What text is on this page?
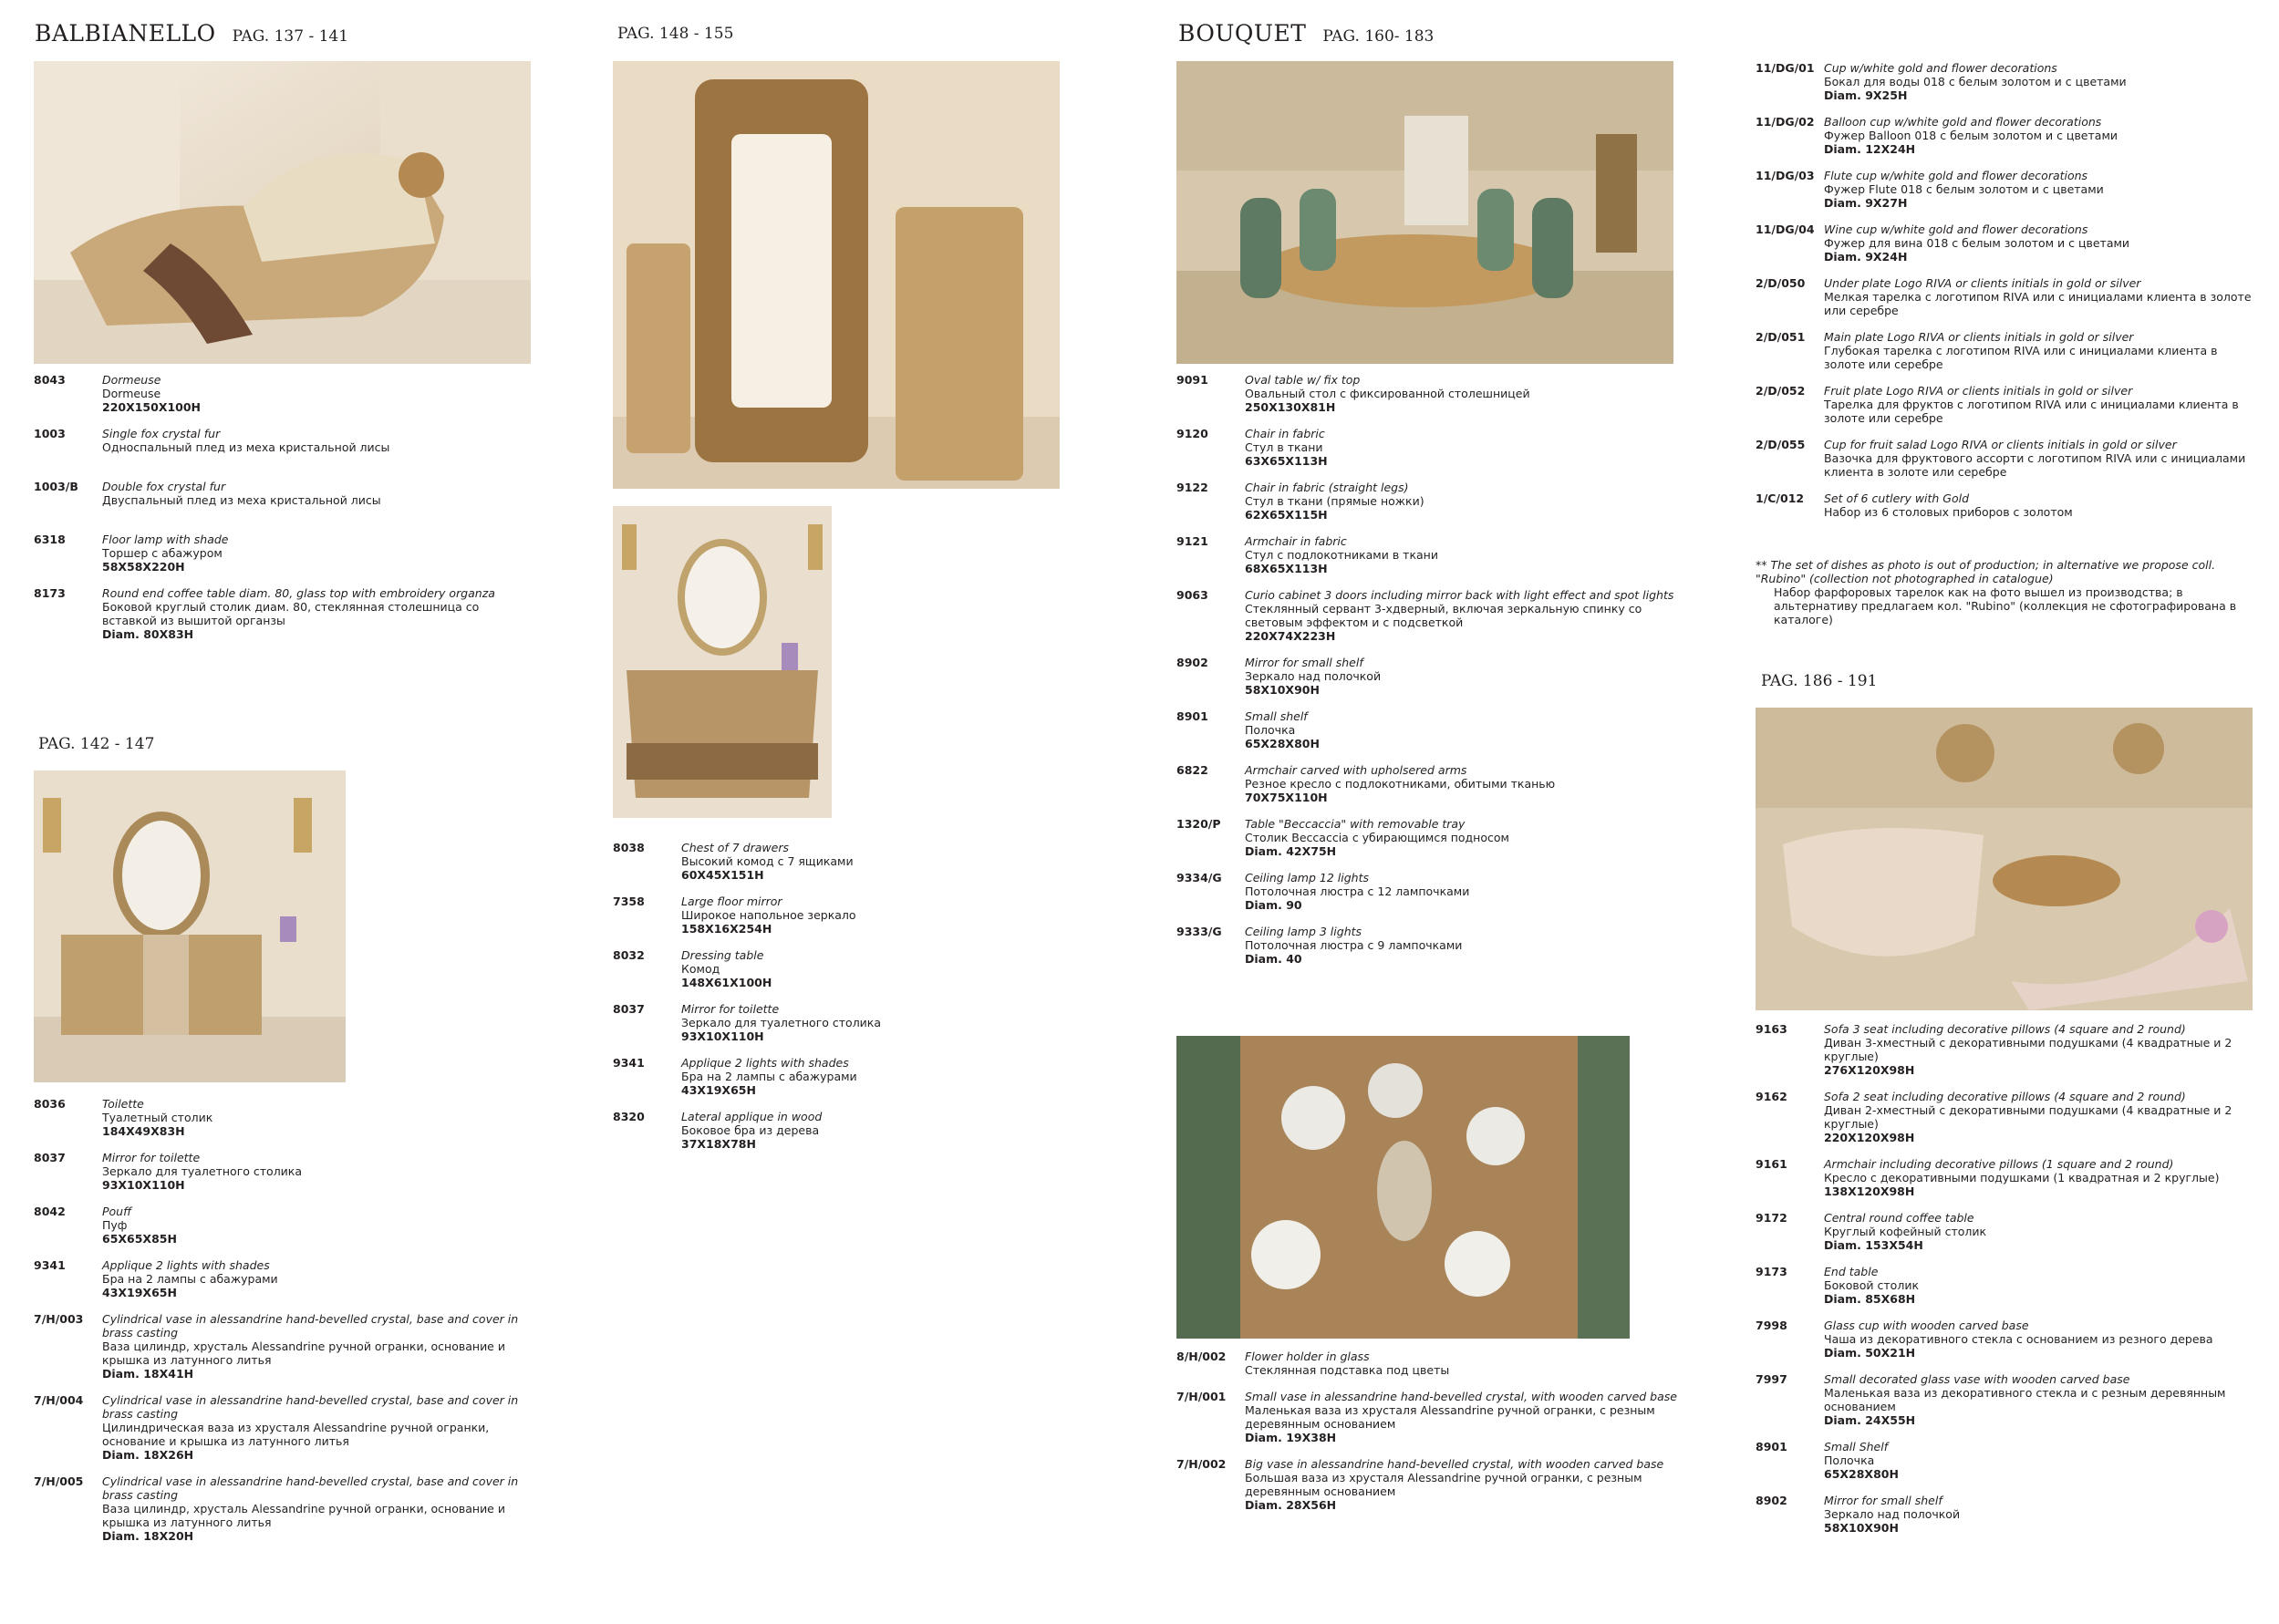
BALBIANELLO PAG. 137 - 141
PAG. 142 - 147
PAG. 148 - 155	BOUQUET PAG. 160- 183
PAG. 186 - 191
8043	Dormeuse
Dormeuse
220X150X100H
1003	Single fox crystal fur
Односпальный плед из меха кристальной лисы
1003/B Double fox crystal fur
Двуспальный плед из меха кристальной лисы
6318	Floor lamp with shade
Торшер с абажуром
58X58X220H
8173	Round end coffee table diam. 80, glass top with embroidery organza
Боковой круглый столик диам. 80, стеклянная столешница со вставкой из вышитой органзы
Diam. 80X83H
8036	Toilette
Туалетный столик
184X49X83H
8037	Mirror for toilette
Зеркало для туалетного столика
93X10X110H
8042	Pouff
Пуф
65X65X85H
9341	Applique 2 lights with shades
Бра на 2 лампы с абажурами
43X19X65H
7/H/003 Cylindrical vase in alessandrine hand-bevelled crystal, base and cover in brass casting
Ваза цилиндр, хрусталь Alessandrine ручной огранки, основание и крышка из латунного литья
Diam. 18X41H
7/H/004 Cylindrical vase in alessandrine hand-bevelled crystal, base and cover in brass casting
Цилиндрическая ваза из хрусталя Alessandrine ручной огранки, основание и крышка из латунного литья
Diam. 18X26H
7/H/005 Cylindrical vase in alessandrine hand-bevelled crystal, base and cover in brass casting
Ваза цилиндр, хрусталь Alessandrine ручной огранки, основание и крышка из латунного литья
Diam. 18X20H
8038	Chest of 7 drawers
Высокий комод с 7 ящиками
60X45X151H
7358	Large floor mirror
Широкое напольное зеркало
158X16X254H
8032	Dressing table
Комод
148X61X100H
8037	Mirror for toilette
Зеркало для туалетного столика
93X10X110H
9341	Applique 2 lights with shades
Бра на 2 лампы с абажурами
43X19X65H
8320	Lateral applique in wood
Боковое бра из дерева
37X18X78H
9091	Oval table w/ fix top
Овальный стол с фиксированной столешницей
250X130X81H
9120	Chair in fabric
Стул в ткани
63X65X113H
9122	Chair in fabric (straight legs)
Стул в ткани (прямые ножки)
62X65X115H
9121	Armchair in fabric
Стул с подлокотниками в ткани
68X65X113H
9063	Curio cabinet 3 doors including mirror back with light effect and spot lights
Стеклянный сервант 3-хдверный, включая зеркальную спинку со световым эффектом и с подсветкой
220X74X223H
8902	Mirror for small shelf
Зеркало над полочкой
58X10X90H
8901	Small shelf
Полочка
65X28X80H
6822	Armchair carved with upholsered arms
Резное кресло с подлокотниками, обитыми тканью
70X75X110H
1320/P Table "Beccaccia" with removable tray
Столик Beccaccia с убирающимся подносом
Diam. 42X75H
9334/G Ceiling lamp 12 lights
Потолочная люстра с 12 лампочками
Diam. 90
9333/G Ceiling lamp 3 lights
Потолочная люстра с 9 лампочками
Diam. 40
8/H/002 Flower holder in glass
Стеклянная подставка под цветы
7/H/001 Small vase in alessandrine hand-bevelled crystal, with wooden carved base
Маленькая ваза из хрусталя Alessandrine ручной огранки, с резным деревянным основанием
Diam. 19X38H
7/H/002 Big vase in alessandrine hand-bevelled crystal, with wooden carved base
Большая ваза из хрусталя Alessandrine ручной огранки, с резным деревянным основанием
Diam. 28X56H
11/DG/01 Cup w/white gold and flower decorations
Бокал для воды 018 с белым золотом и с цветами
Diam. 9X25H
11/DG/02 Balloon cup w/white gold and flower decorations
Фужер Balloon 018 с белым золотом и с цветами
Diam. 12X24H
11/DG/03 Flute cup w/white gold and flower decorations
Фужер Flute 018 с белым золотом и с цветами
Diam. 9X27H
11/DG/04 Wine cup w/white gold and flower decorations
Фужер для вина 018 с белым золотом и с цветами
Diam. 9X24H
2/D/050 Under plate Logo RIVA or clients initials in gold or silver
Мелкая тарелка с логотипом RIVA или с инициалами клиента в золоте или серебре
2/D/051 Main plate Logo RIVA or clients initials in gold or silver
Глубокая тарелка с логотипом RIVA или с инициалами клиента в золоте или серебре
2/D/052 Fruit plate Logo RIVA or clients initials in gold or silver
Тарелка для фруктов с логотипом RIVA или с инициалами клиента в золоте или серебре
2/D/055 Cup for fruit salad Logo RIVA or clients initials in gold or silver
Вазочка для фруктового ассорти с логотипом RIVA или с инициалами клиента в золоте или серебре
1/C/012 Set of 6 cutlery with Gold
Набор из 6 столовых приборов с золотом
** The set of dishes as photo is out of production; in alternative we propose coll. "Rubino" (collection not photographed in catalogue)
Набор фарфоровых тарелок как на фото вышел из производства; в альтернативу предлагаем кол. "Rubino" (коллекция не сфотографирована в каталоге)
9163	Sofa 3 seat including decorative pillows (4 square and 2 round)
Диван 3-хместный с декоративными подушками (4 квадратные и 2 круглые)
276X120X98H
9162	Sofa 2 seat including decorative pillows (4 square and 2 round)
Диван 2-хместный с декоративными подушками (4 квадратные и 2 круглые)
220X120X98H
9161	Armchair including decorative pillows (1 square and 2 round)
Кресло с декоративными подушками (1 квадратная и 2 круглые)
138X120X98H
9172	Central round coffee table
Круглый кофейный столик
Diam. 153X54H
9173	End table
Боковой столик
Diam. 85X68H
7998	Glass cup with wooden carved base
Чаша из декоративного стекла с основанием из резного дерева
Diam. 50X21H
7997	Small decorated glass vase with wooden carved base
Маленькая ваза из декоративного стекла и с резным деревянным основанием
Diam. 24X55H
8901	Small Shelf
Полочка
65X28X80H
8902	Mirror for small shelf
Зеркало над полочкой
58X10X90H
